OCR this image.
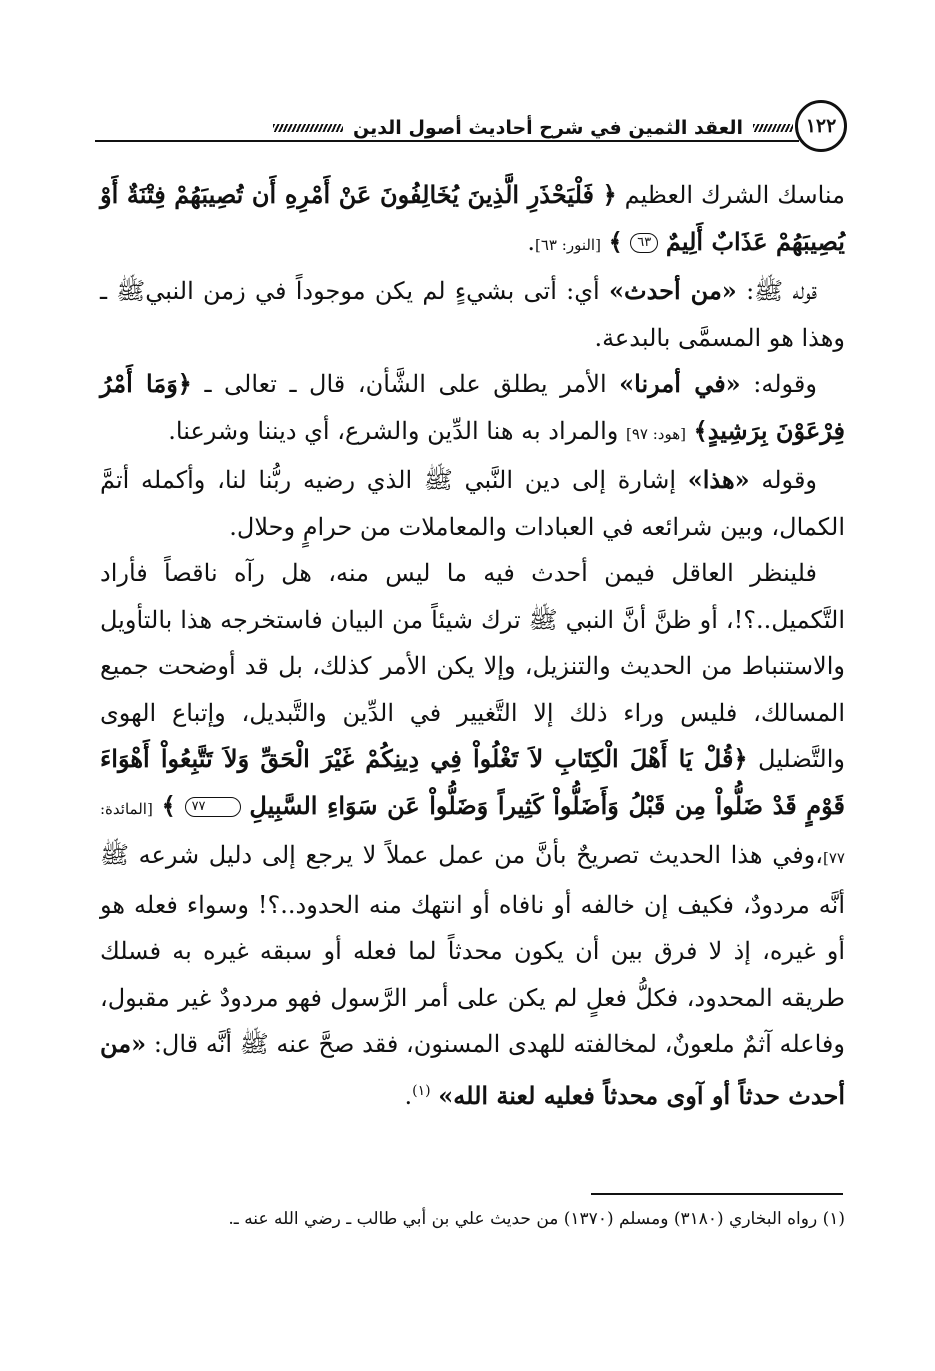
١٢٢
العقد الثمين في شرح أحاديث أصول الدين

مناسك الشرك العظيم ﴿ فَلْيَحْذَرِ الَّذِينَ يُخَالِفُونَ عَنْ أَمْرِهِ أَن تُصِيبَهُمْ فِتْنَةٌ أَوْ يُصِيبَهُمْ عَذَابٌ أَلِيمٌ ٦٣ ﴾ [النور: ٦٣].

قوله ﷺ: «من أحدث» أي: أتى بشيءٍ لم يكن موجوداً في زمن النبيﷺ ـ وهذا هو المسمَّى بالبدعة.

وقوله: «في أمرنا» الأمر يطلق على الشَّأن، قال ـ تعالى ـ ﴿وَمَا أَمْرُ فِرْعَوْنَ بِرَشِيدٍ﴾ [هود: ٩٧] والمراد به هنا الدِّين والشرع، أي ديننا وشرعنا.

وقوله «هذا» إشارة إلى دين النَّبي ﷺ الذي رضيه ربُّنا لنا، وأكمله أتمَّ الكمال، وبين شرائعه في العبادات والمعاملات من حرامٍ وحلال.

فلينظر العاقل فيمن أحدث فيه ما ليس منه، هل رآه ناقصاً فأراد التَّكميل..؟!، أو ظنَّ أنَّ النبي ﷺ ترك شيئاً من البيان فاستخرجه هذا بالتأويل والاستنباط من الحديث والتنزيل، وإلا يكن الأمر كذلك، بل قد أوضحت جميع المسالك، فليس وراء ذلك إلا التَّغيير في الدِّين والتَّبديل، وإتباع الهوى والتَّضليل ﴿قُلْ يَا أَهْلَ الْكِتَابِ لاَ تَغْلُواْ فِي دِينِكُمْ غَيْرَ الْحَقِّ وَلاَ تَتَّبِعُواْ أَهْوَاءَ قَوْمٍ قَدْ ضَلُّواْ مِن قَبْلُ وَأَضَلُّواْ كَثِيراً وَضَلُّواْ عَن سَوَاءِ السَّبِيلِ ٧٧ ﴾ [المائدة: ٧٧]،وفي هذا الحديث تصريحٌ بأنَّ من عمل عملاً لا يرجع إلى دليل شرعه ﷺ أنَّه مردودٌ، فكيف إن خالفه أو نافاه أو انتهك منه الحدود..؟! وسواء فعله هو أو غيره، إذ لا فرق بين أن يكون محدثاً لما فعله أو سبقه غيره به فسلك طريقه المحدود، فكلُّ فعلٍ لم يكن على أمر الرَّسول فهو مردودٌ غير مقبول، وفاعله آثمٌ ملعونٌ، لمخالفته للهدى المسنون، فقد صحَّ عنه ﷺ أنَّه قال: «من أحدث حدثاً أو آوى محدثاً فعليه لعنة الله» $^{(١)}$.

(١) رواه البخاري (٣١٨٠) ومسلم (١٣٧٠) من حديث علي بن أبي طالب ـ رضي الله عنه ـ.
